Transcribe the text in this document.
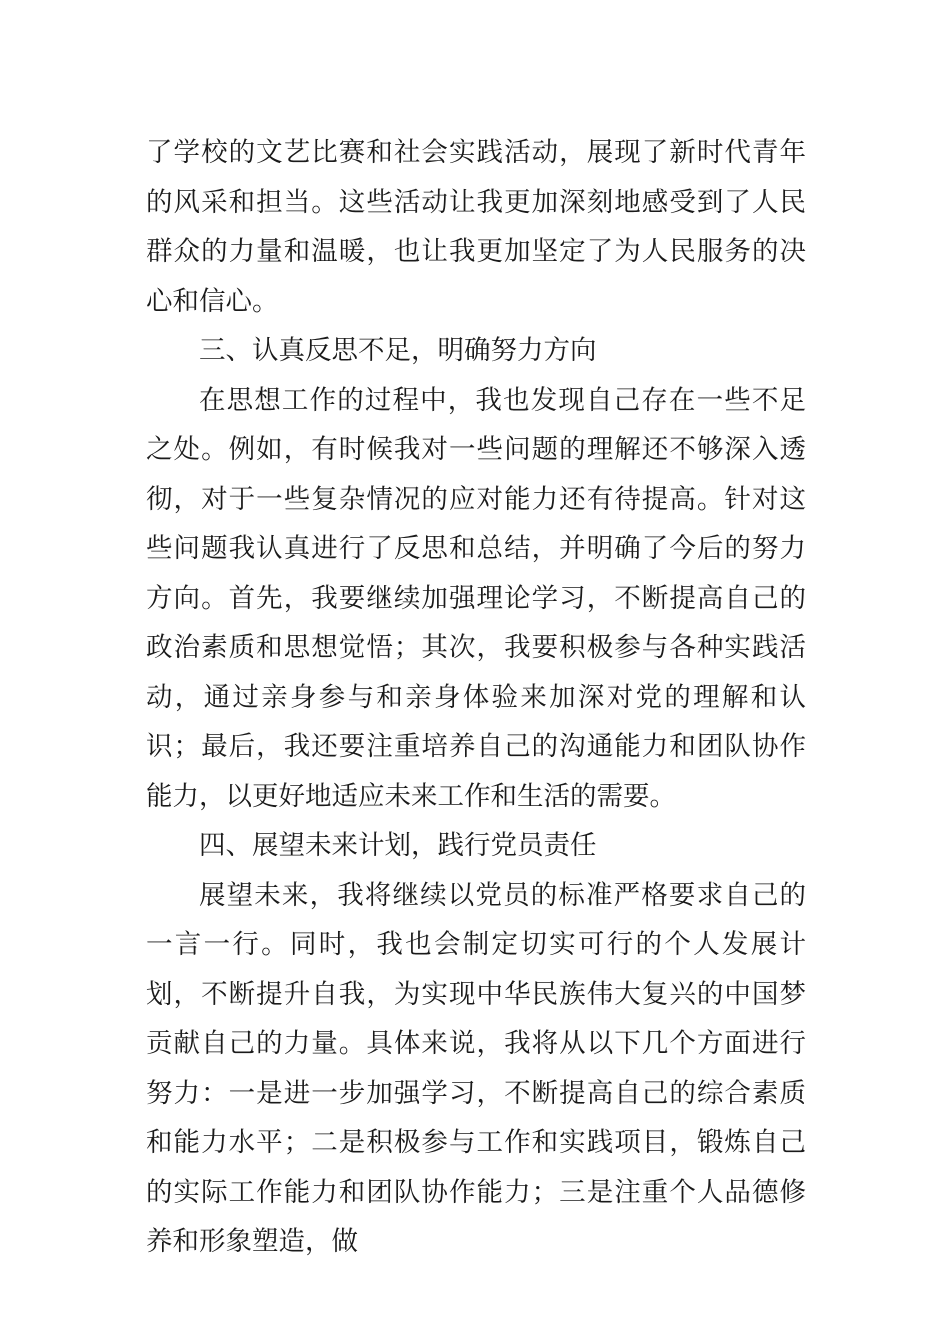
了学校的文艺比赛和社会实践活动，展现了新时代青年的风采和担当。这些活动让我更加深刻地感受到了人民群众的力量和温暖，也让我更加坚定了为人民服务的决心和信心。

三、认真反思不足，明确努力方向

在思想工作的过程中，我也发现自己存在一些不足之处。例如，有时候我对一些问题的理解还不够深入透彻，对于一些复杂情况的应对能力还有待提高。针对这些问题我认真进行了反思和总结，并明确了今后的努力方向。首先，我要继续加强理论学习，不断提高自己的政治素质和思想觉悟；其次，我要积极参与各种实践活动，通过亲身参与和亲身体验来加深对党的理解和认识；最后，我还要注重培养自己的沟通能力和团队协作能力，以更好地适应未来工作和生活的需要。

四、展望未来计划，践行党员责任

展望未来，我将继续以党员的标准严格要求自己的一言一行。同时，我也会制定切实可行的个人发展计划，不断提升自我，为实现中华民族伟大复兴的中国梦贡献自己的力量。具体来说，我将从以下几个方面进行努力：一是进一步加强学习，不断提高自己的综合素质和能力水平；二是积极参与工作和实践项目，锻炼自己的实际工作能力和团队协作能力；三是注重个人品德修养和形象塑造，做
